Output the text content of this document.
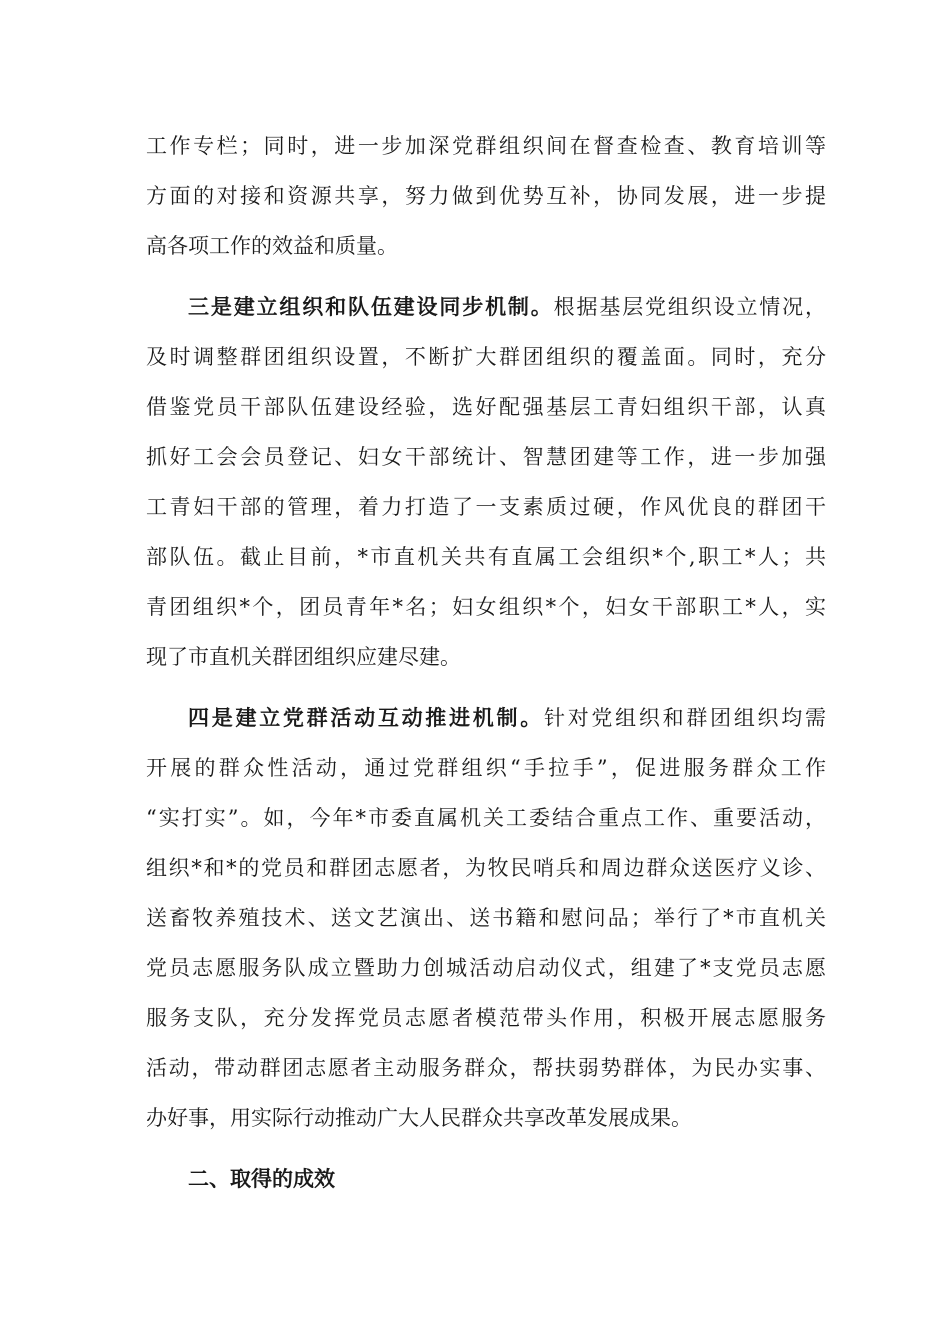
工作专栏；同时，进一步加深党群组织间在督查检查、教育培训等
方面的对接和资源共享，努力做到优势互补，协同发展，进一步提
高各项工作的效益和质量。
三是建立组织和队伍建设同步机制。根据基层党组织设立情况，
及时调整群团组织设置，不断扩大群团组织的覆盖面。同时，充分
借鉴党员干部队伍建设经验，选好配强基层工青妇组织干部，认真
抓好工会会员登记、妇女干部统计、智慧团建等工作，进一步加强
工青妇干部的管理，着力打造了一支素质过硬，作风优良的群团干
部队伍。截止目前，*市直机关共有直属工会组织*个,职工*人；共
青团组织*个，团员青年*名；妇女组织*个，妇女干部职工*人，实
现了市直机关群团组织应建尽建。
四是建立党群活动互动推进机制。针对党组织和群团组织均需
开展的群众性活动，通过党群组织“手拉手”，促进服务群众工作
“实打实”。如，今年*市委直属机关工委结合重点工作、重要活动，
组织*和*的党员和群团志愿者，为牧民哨兵和周边群众送医疗义诊、
送畜牧养殖技术、送文艺演出、送书籍和慰问品；举行了*市直机关
党员志愿服务队成立暨助力创城活动启动仪式，组建了*支党员志愿
服务支队，充分发挥党员志愿者模范带头作用，积极开展志愿服务
活动，带动群团志愿者主动服务群众，帮扶弱势群体，为民办实事、
办好事，用实际行动推动广大人民群众共享改革发展成果。
二、取得的成效
